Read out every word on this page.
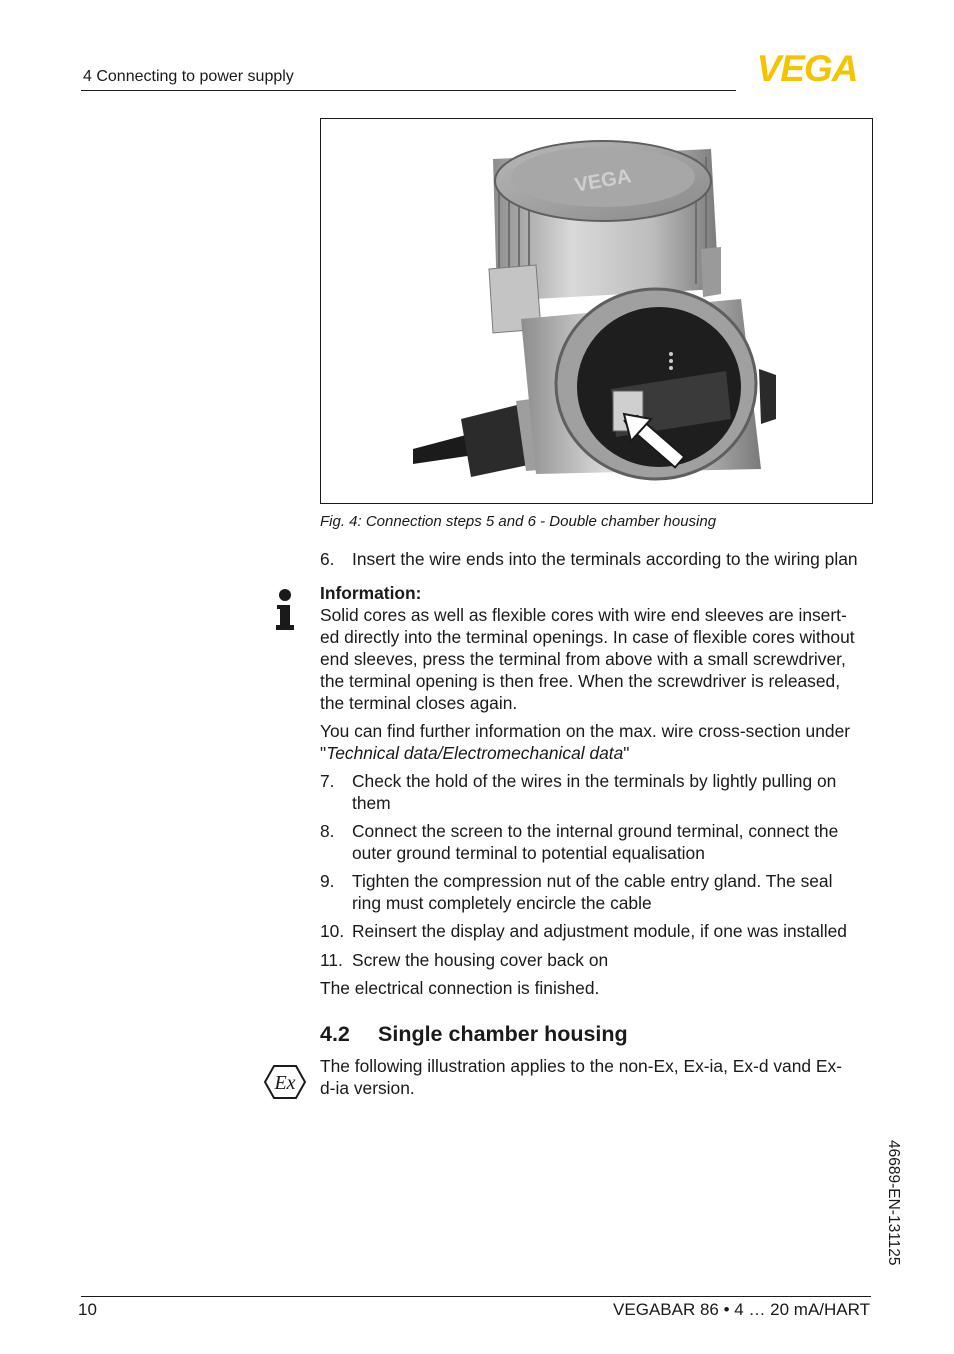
4 Connecting to power supply	VEGA
VEGA
Fig. 4: Connection steps 5 and 6 - Double chamber housing
6. Insert the wire ends into the terminals according to the wiring plan
Information:
Solid cores as well as flexible cores with wire end sleeves are insert-
ed directly into the terminal openings. In case of flexible cores without
end sleeves, press the terminal from above with a small screwdriver,
the terminal opening is then free. When the screwdriver is released,
the terminal closes again.
You can find further information on the max. wire cross-section under
"Technical data/Electromechanical data"
7. Check the hold of the wires in the terminals by lightly pulling on
them
8. Connect the screen to the internal ground terminal, connect the
outer ground terminal to potential equalisation
9. Tighten the compression nut of the cable entry gland. The seal
ring must completely encircle the cable
10. Reinsert the display and adjustment module, if one was installed
11. Screw the housing cover back on
The electrical connection is finished.
4.2 Single chamber housing
Ex
The following illustration applies to the non-Ex, Ex-ia, Ex-d vand Ex-
d-ia version.
46689-EN-131125
10	VEGABAR 86 • 4 … 20 mA/HART
